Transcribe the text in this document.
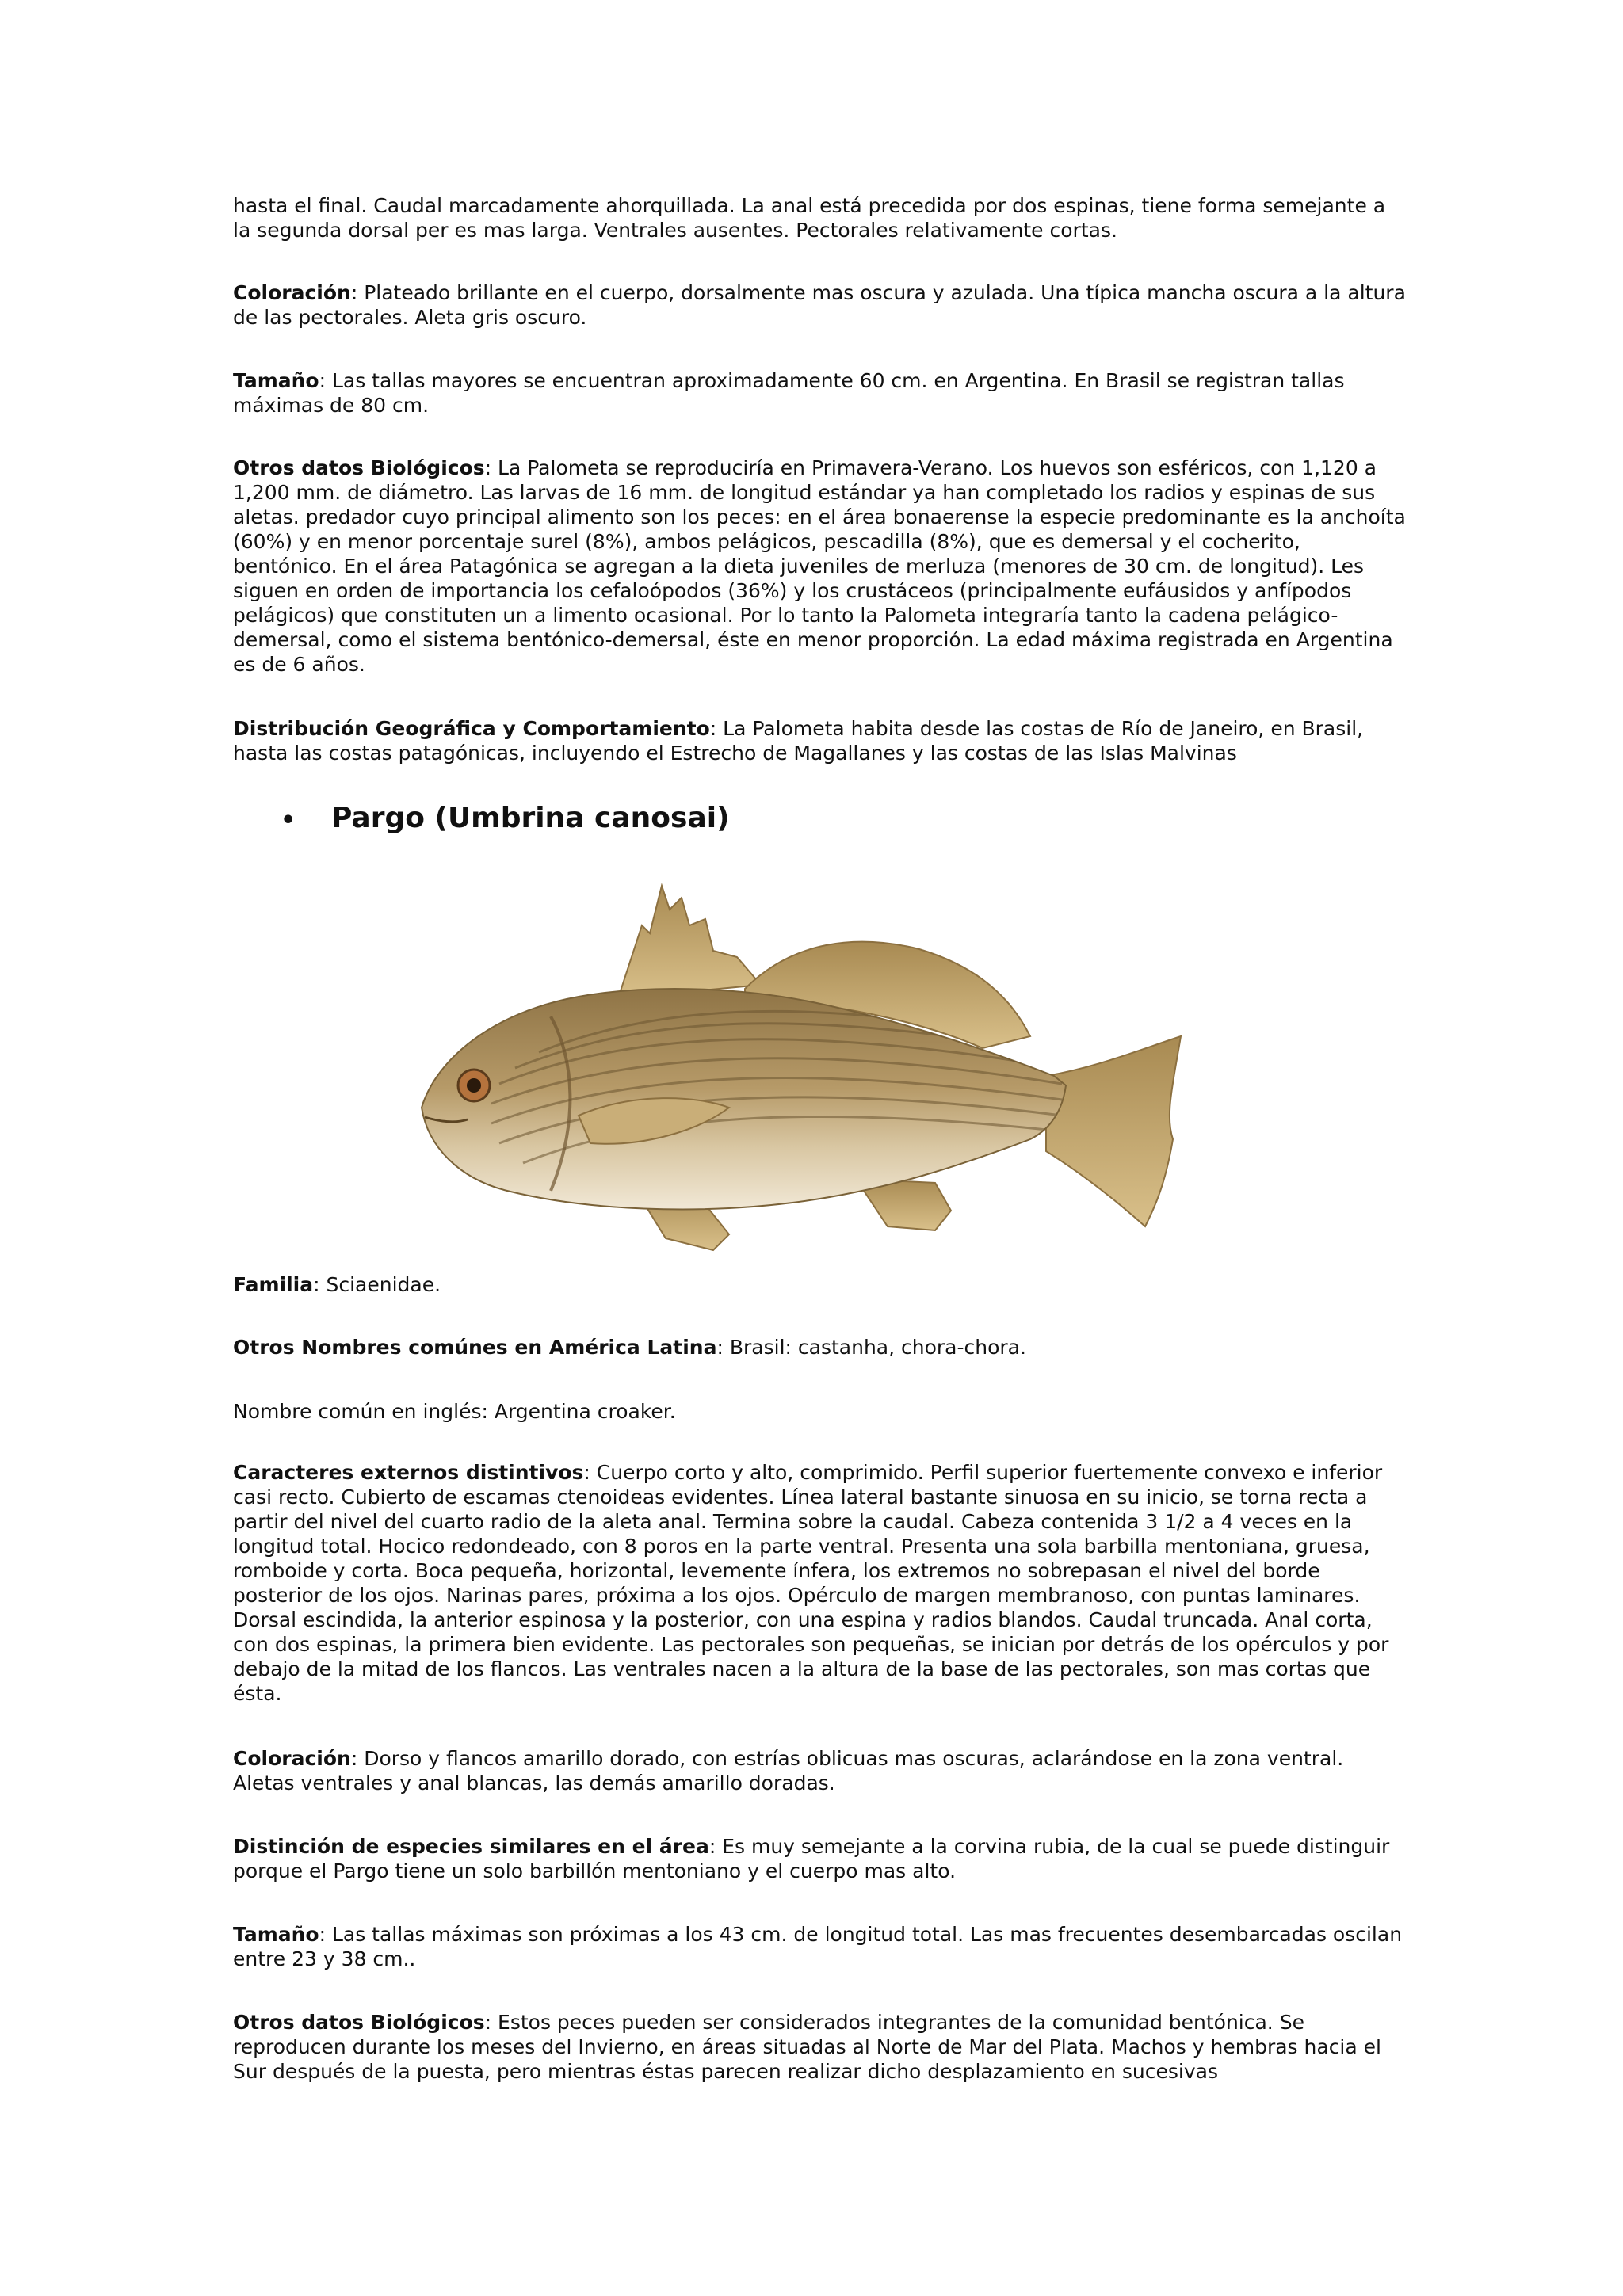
hasta el final. Caudal marcadamente ahorquillada. La anal está precedida por dos espinas, tiene forma semejante a la segunda dorsal per es mas larga. Ventrales ausentes. Pectorales relativamente cortas.

Coloración: Plateado brillante en el cuerpo, dorsalmente mas oscura y azulada. Una típica mancha oscura a la altura de las pectorales. Aleta gris oscuro.

Tamaño: Las tallas mayores se encuentran aproximadamente 60 cm. en Argentina. En Brasil se registran tallas máximas de 80 cm.

Otros datos Biológicos: La Palometa se reproduciría en Primavera-Verano. Los huevos son esféricos, con 1,120 a 1,200 mm. de diámetro. Las larvas de 16 mm. de longitud estándar ya han completado los radios y espinas de sus aletas. predador cuyo principal alimento son los peces: en el área bonaerense la especie predominante es la anchoíta (60%) y en menor porcentaje surel (8%), ambos pelágicos, pescadilla (8%), que es demersal y el cocherito, bentónico. En el área Patagónica se agregan a la dieta juveniles de merluza (menores de 30 cm. de longitud). Les siguen en orden de importancia los cefaloópodos (36%) y los crustáceos (principalmente eufáusidos y anfípodos pelágicos) que constituten un a limento ocasional. Por lo tanto la Palometa integraría tanto la cadena pelágico-demersal, como el sistema bentónico-demersal, éste en menor proporción. La edad máxima registrada en Argentina es de 6 años.

Distribución Geográfica y Comportamiento: La Palometa habita desde las costas de Río de Janeiro, en Brasil, hasta las costas patagónicas, incluyendo el Estrecho de Magallanes y las costas de las Islas Malvinas

• Pargo (Umbrina canosai)

Familia: Sciaenidae.

Otros Nombres comúnes en América Latina: Brasil: castanha, chora-chora.

Nombre común en inglés: Argentina croaker.

Caracteres externos distintivos: Cuerpo corto y alto, comprimido. Perfil superior fuertemente convexo e inferior casi recto. Cubierto de escamas ctenoideas evidentes. Línea lateral bastante sinuosa en su inicio, se torna recta a partir del nivel del cuarto radio de la aleta anal. Termina sobre la caudal. Cabeza contenida 3 1/2 a 4 veces en la longitud total. Hocico redondeado, con 8 poros en la parte ventral. Presenta una sola barbilla mentoniana, gruesa, romboide y corta. Boca pequeña, horizontal, levemente ínfera, los extremos no sobrepasan el nivel del borde posterior de los ojos. Narinas pares, próxima a los ojos. Opérculo de margen membranoso, con puntas laminares. Dorsal escindida, la anterior espinosa y la posterior, con una espina y radios blandos. Caudal truncada. Anal corta, con dos espinas, la primera bien evidente. Las pectorales son pequeñas, se inician por detrás de los opérculos y por debajo de la mitad de los flancos. Las ventrales nacen a la altura de la base de las pectorales, son mas cortas que ésta.

Coloración: Dorso y flancos amarillo dorado, con estrías oblicuas mas oscuras, aclarándose en la zona ventral. Aletas ventrales y anal blancas, las demás amarillo doradas.

Distinción de especies similares en el área: Es muy semejante a la corvina rubia, de la cual se puede distinguir porque el Pargo tiene un solo barbillón mentoniano y el cuerpo mas alto.

Tamaño: Las tallas máximas son próximas a los 43 cm. de longitud total. Las mas frecuentes desembarcadas oscilan entre 23 y 38 cm..

Otros datos Biológicos: Estos peces pueden ser considerados integrantes de la comunidad bentónica. Se reproducen durante los meses del Invierno, en áreas situadas al Norte de Mar del Plata. Machos y hembras hacia el Sur después de la puesta, pero mientras éstas parecen realizar dicho desplazamiento en sucesivas
